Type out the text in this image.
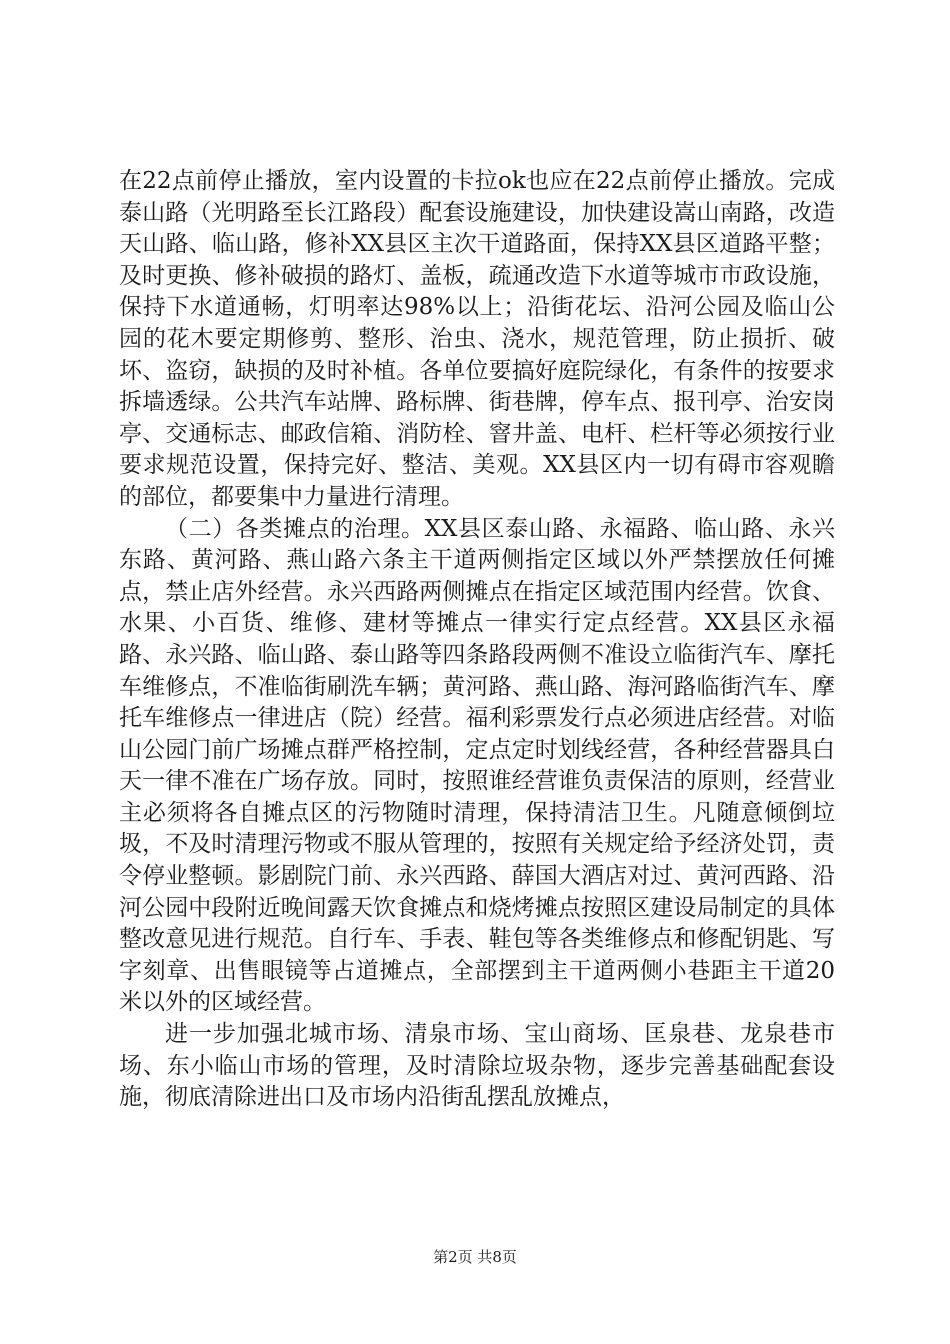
在22点前停止播放，室内设置的卡拉ok也应在22点前停止播放。完成泰山路（光明路至长江路段）配套设施建设，加快建设嵩山南路，改造天山路、临山路，修补XX县区主次干道路面，保持XX县区道路平整；及时更换、修补破损的路灯、盖板，疏通改造下水道等城市市政设施，保持下水道通畅，灯明率达98%以上；沿街花坛、沿河公园及临山公园的花木要定期修剪、整形、治虫、浇水，规范管理，防止损折、破坏、盗窃，缺损的及时补植。各单位要搞好庭院绿化，有条件的按要求拆墙透绿。公共汽车站牌、路标牌、街巷牌，停车点、报刊亭、治安岗亭、交通标志、邮政信箱、消防栓、窨井盖、电杆、栏杆等必须按行业要求规范设置，保持完好、整洁、美观。XX县区内一切有碍市容观瞻的部位，都要集中力量进行清理。

（二）各类摊点的治理。XX县区泰山路、永福路、临山路、永兴东路、黄河路、燕山路六条主干道两侧指定区域以外严禁摆放任何摊点，禁止店外经营。永兴西路两侧摊点在指定区域范围内经营。饮食、水果、小百货、维修、建材等摊点一律实行定点经营。XX县区永福路、永兴路、临山路、泰山路等四条路段两侧不准设立临街汽车、摩托车维修点，不准临街刷洗车辆；黄河路、燕山路、海河路临街汽车、摩托车维修点一律进店（院）经营。福利彩票发行点必须进店经营。对临山公园门前广场摊点群严格控制，定点定时划线经营，各种经营器具白天一律不准在广场存放。同时，按照谁经营谁负责保洁的原则，经营业主必须将各自摊点区的污物随时清理，保持清洁卫生。凡随意倾倒垃圾，不及时清理污物或不服从管理的，按照有关规定给予经济处罚，责令停业整顿。影剧院门前、永兴西路、薛国大酒店对过、黄河西路、沿河公园中段附近晚间露天饮食摊点和烧烤摊点按照区建设局制定的具体整改意见进行规范。自行车、手表、鞋包等各类维修点和修配钥匙、写字刻章、出售眼镜等占道摊点，全部摆到主干道两侧小巷距主干道20米以外的区域经营。

进一步加强北城市场、清泉市场、宝山商场、匡泉巷、龙泉巷市场、东小临山市场的管理，及时清除垃圾杂物，逐步完善基础配套设施，彻底清除进出口及市场内沿街乱摆乱放摊点，

第2页 共8页
